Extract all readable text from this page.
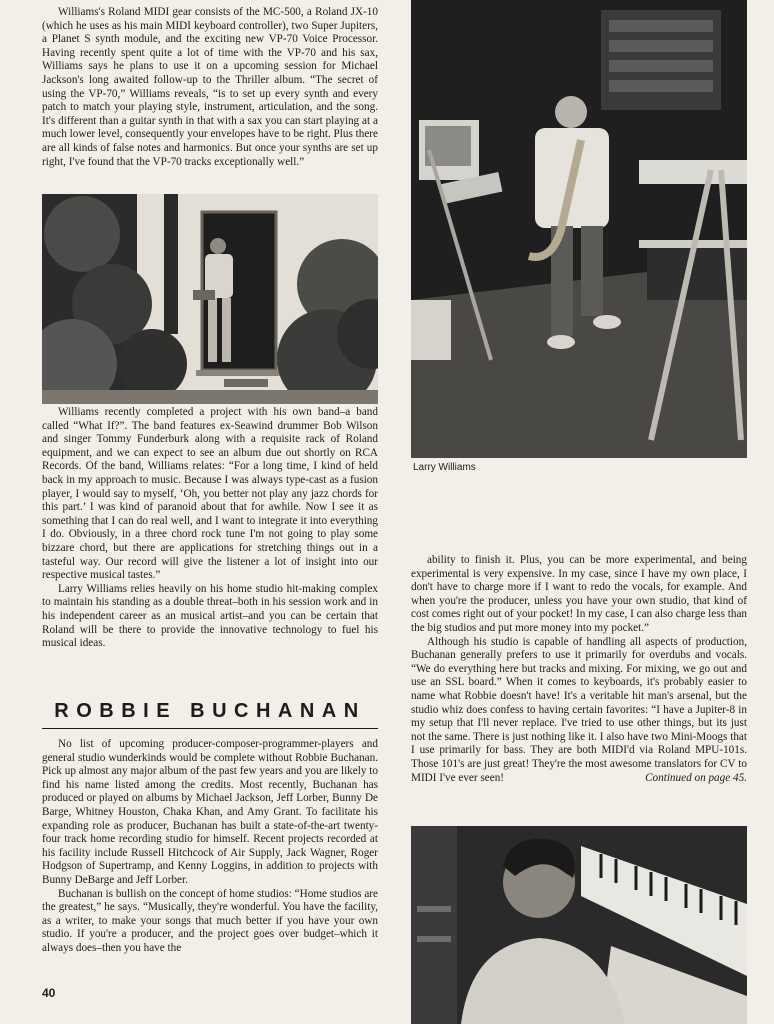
Williams's Roland MIDI gear consists of the MC-500, a Roland JX-10 (which he uses as his main MIDI keyboard controller), two Super Jupiters, a Planet S synth module, and the exciting new VP-70 Voice Processor. Having recently spent quite a lot of time with the VP-70 and his sax, Williams says he plans to use it on a upcoming session for Michael Jackson's long awaited follow-up to the Thriller album. “The secret of using the VP-70,” Williams reveals, “is to set up every synth and every patch to match your playing style, instrument, articulation, and the song. It's different than a guitar synth in that with a sax you can start playing at a much lower level, consequently your envelopes have to be right. Plus there are all kinds of false notes and harmonics. But once your synths are set up right, I've found that the VP-70 tracks exceptionally well.”

Williams recently completed a project with his own band–a band called “What If?”. The band features ex-Seawind drummer Bob Wilson and singer Tommy Funderburk along with a requisite rack of Roland equipment, and we can expect to see an album due out shortly on RCA Records. Of the band, Williams relates: “For a long time, I kind of held back in my approach to music. Because I was always type-cast as a fusion player, I would say to myself, ‘Oh, you better not play any jazz chords for this part.’ I was kind of paranoid about that for awhile. Now I see it as something that I can do real well, and I want to integrate it into everything I do. Obviously, in a three chord rock tune I'm not going to play some bizzare chord, but there are applications for stretching things out in a tasteful way. Our record will give the listener a lot of insight into our respective musical tastes.”

Larry Williams relies heavily on his home studio hit-making complex to maintain his standing as a double threat–both in his session work and in his independent career as an musical artist–and you can be certain that Roland will be there to provide the innovative technology to fuel his musical ideas.

ROBBIE BUCHANAN

No list of upcoming producer-composer-programmer-players and general studio wunderkinds would be complete without Robbie Buchanan. Pick up almost any major album of the past few years and you are likely to find his name listed among the credits. Most recently, Buchanan has produced or played on albums by Michael Jackson, Jeff Lorber, Bunny De Barge, Whitney Houston, Chaka Khan, and Amy Grant. To facilitate his expanding role as producer, Buchanan has built a state-of-the-art twenty-four track home recording studio for himself. Recent projects recorded at his facility include Russell Hitchcock of Air Supply, Jack Wagner, Roger Hodgson of Supertramp, and Kenny Loggins, in addition to projects with Bunny DeBarge and Jeff Lorber.

Buchanan is bullish on the concept of home studios: “Home studios are the greatest,” he says. “Musically, they're wonderful. You have the facility, as a writer, to make your songs that much better if you have your own studio. If you're a producer, and the project goes over budget–which it always does–then you have the

Larry Williams

ability to finish it. Plus, you can be more experimental, and being experimental is very expensive. In my case, since I have my own place, I don't have to charge more if I want to redo the vocals, for example. And when you're the producer, unless you have your own studio, that kind of cost comes right out of your pocket! In my case, I can also charge less than the big studios and put more money into my pocket.”

Although his studio is capable of handling all aspects of production, Buchanan generally prefers to use it primarily for overdubs and vocals. “We do everything here but tracks and mixing. For mixing, we go out and use an SSL board.” When it comes to keyboards, it's probably easier to name what Robbie doesn't have! It's a veritable hit man's arsenal, but the studio whiz does confess to having certain favorites: “I have a Jupiter-8 in my setup that I'll never replace. I've tried to use other things, but its just not the same. There is just nothing like it. I also have two Mini-Moogs that I use primarily for bass. They are both MIDI'd via Roland MPU-101s. Those 101's are just great! They're the most awesome translators for CV to MIDI I've ever seen!	Continued on page 45.

40
